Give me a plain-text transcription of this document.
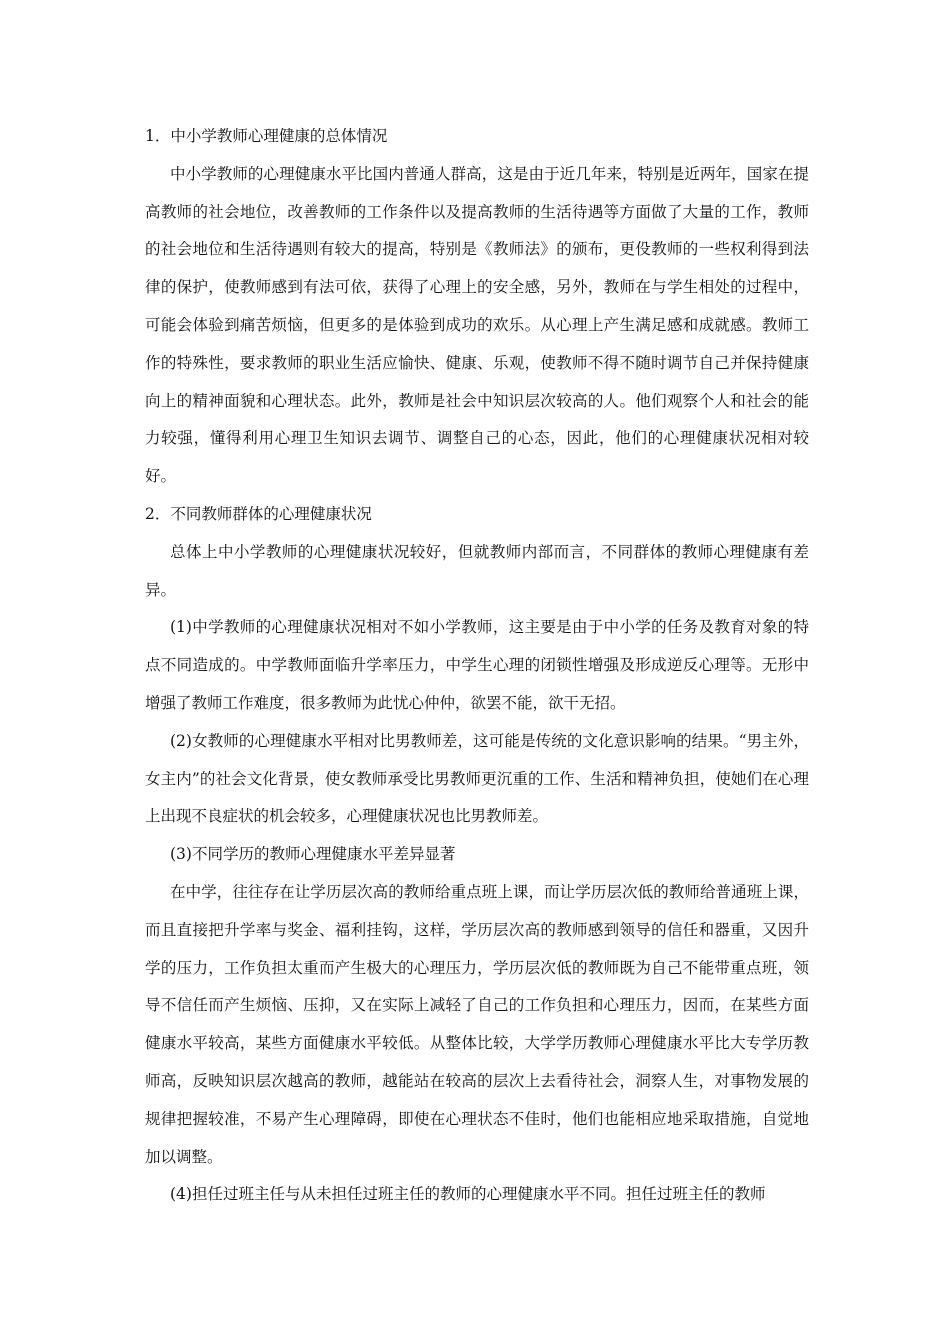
1．中小学教师心理健康的总体情况

中小学教师的心理健康水平比国内普通人群高，这是由于近几年来，特别是近两年，国家在提高教师的社会地位，改善教师的工作条件以及提高教师的生活待遇等方面做了大量的工作，教师的社会地位和生活待遇则有较大的提高，特别是《教师法》的颁布，更伇教师的一些权利得到法律的保护，使教师感到有法可依，获得了心理上的安全感，另外，教师在与学生相处的过程中，可能会体验到痛苦烦恼，但更多的是体验到成功的欢乐。从心理上产生满足感和成就感。教师工作的特殊性，要求教师的职业生活应愉快、健康、乐观，使教师不得不随时调节自己并保持健康向上的精神面貌和心理状态。此外，教师是社会中知识层次较高的人。他们观察个人和社会的能力较强，懂得利用心理卫生知识去调节、调整自己的心态，因此，他们的心理健康状况相对较好。

2．不同教师群体的心理健康状况

总体上中小学教师的心理健康状况较好，但就教师内部而言，不同群体的教师心理健康有差异。

(1)中学教师的心理健康状况相对不如小学教师，这主要是由于中小学的任务及教育对象的特点不同造成的。中学教师面临升学率压力，中学生心理的闭锁性增强及形成逆反心理等。无形中增强了教师工作难度，很多教师为此忧心仲仲，欲罢不能，欲干无招。

(2)女教师的心理健康水平相对比男教师差，这可能是传统的文化意识影响的结果。“男主外，女主内”的社会文化背景，使女教师承受比男教师更沉重的工作、生活和精神负担，使她们在心理上出现不良症状的机会较多，心理健康状况也比男教师差。

(3)不同学历的教师心理健康水平差异显著

在中学，往往存在让学历层次高的教师给重点班上课，而让学历层次低的教师给普通班上课，而且直接把升学率与奖金、福利挂钩，这样，学历层次高的教师感到领导的信任和器重，又因升学的压力，工作负担太重而产生极大的心理压力，学历层次低的教师既为自己不能带重点班，领导不信任而产生烦恼、压抑，又在实际上减轻了自己的工作负担和心理压力，因而，在某些方面健康水平较高，某些方面健康水平较低。从整体比较，大学学历教师心理健康水平比大专学历教师高，反映知识层次越高的教师，越能站在较高的层次上去看待社会，洞察人生，对事物发展的规律把握较准，不易产生心理障碍，即使在心理状态不佳时，他们也能相应地采取措施，自觉地加以调整。

(4)担任过班主任与从未担任过班主任的教师的心理健康水平不同。担任过班主任的教师
